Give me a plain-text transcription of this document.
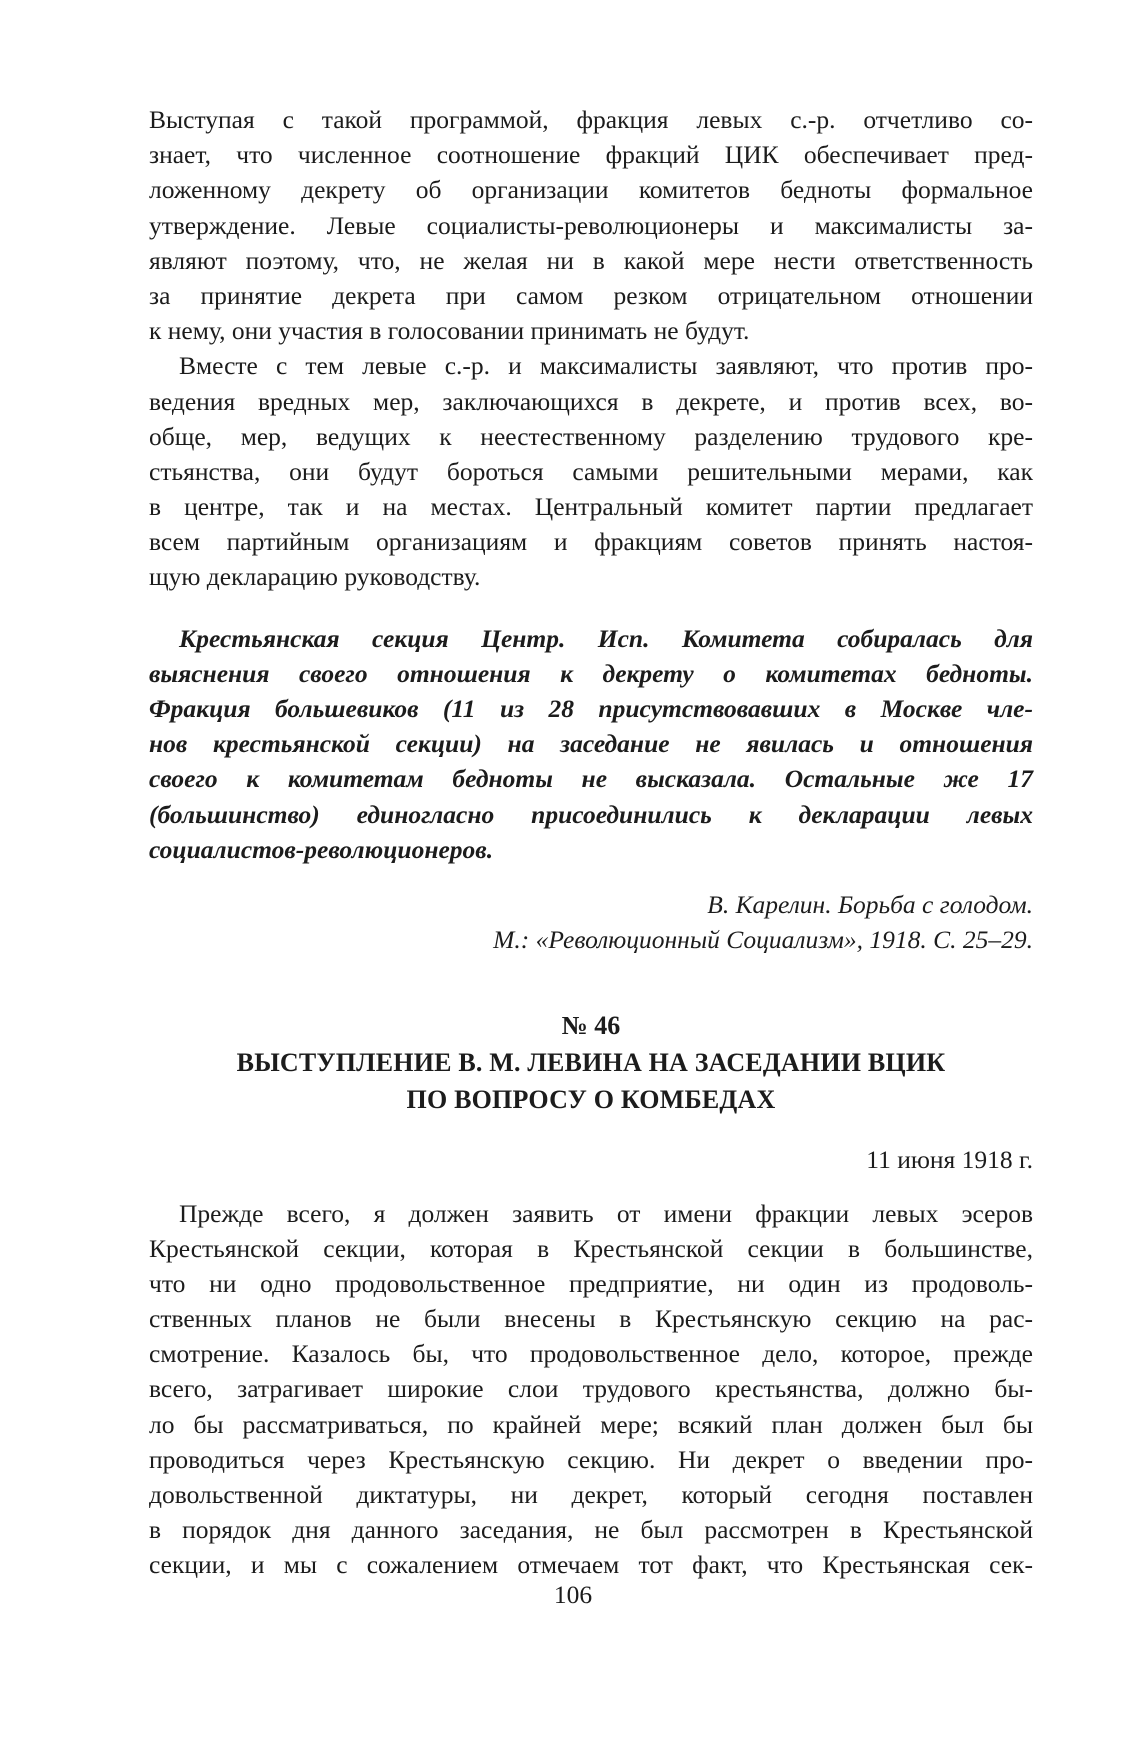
Выступая с такой программой, фракция левых с.-р. отчетливо со-
знает, что численное соотношение фракций ЦИК обеспечивает пред-
ложенному декрету об организации комитетов бедноты формальное
утверждение. Левые социалисты-революционеры и максималисты за-
являют поэтому, что, не желая ни в какой мере нести ответственность
за принятие декрета при самом резком отрицательном отношении
к нему, они участия в голосовании принимать не будут.
Вместе с тем левые с.-р. и максималисты заявляют, что против про-
ведения вредных мер, заключающихся в декрете, и против всех, во-
обще, мер, ведущих к неестественному разделению трудового кре-
стьянства, они будут бороться самыми решительными мерами, как
в центре, так и на местах. Центральный комитет партии предлагает
всем партийным организациям и фракциям советов принять настоя-
щую декларацию руководству.
Крестьянская секция Центр. Исп. Комитета собиралась для
выяснения своего отношения к декрету о комитетах бедноты.
Фракция большевиков (11 из 28 присутствовавших в Москве чле-
нов крестьянской секции) на заседание не явилась и отношения
своего к комитетам бедноты не высказала. Остальные же 17
(большинство) единогласно присоединились к декларации левых
социалистов-революционеров.
В. Карелин. Борьба с голодом.
М.: «Революционный Социализм», 1918. С. 25–29.
№ 46
ВЫСТУПЛЕНИЕ В. М. ЛЕВИНА НА ЗАСЕДАНИИ ВЦИК
ПО ВОПРОСУ О КОМБЕДАХ
11 июня 1918 г.
Прежде всего, я должен заявить от имени фракции левых эсеров
Крестьянской секции, которая в Крестьянской секции в большинстве,
что ни одно продовольственное предприятие, ни один из продоволь-
ственных планов не были внесены в Крестьянскую секцию на рас-
смотрение. Казалось бы, что продовольственное дело, которое, прежде
всего, затрагивает широкие слои трудового крестьянства, должно бы-
ло бы рассматриваться, по крайней мере; всякий план должен был бы
проводиться через Крестьянскую секцию. Ни декрет о введении про-
довольственной диктатуры, ни декрет, который сегодня поставлен
в порядок дня данного заседания, не был рассмотрен в Крестьянской
секции, и мы с сожалением отмечаем тот факт, что Крестьянская сек-
106
